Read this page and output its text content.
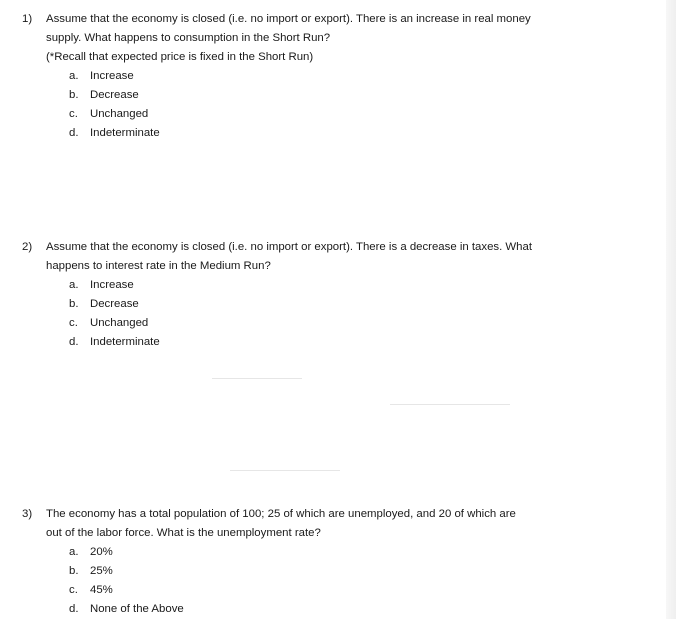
1) Assume that the economy is closed (i.e. no import or export). There is an increase in real money
supply. What happens to consumption in the Short Run?
(*Recall that expected price is fixed in the Short Run)
a. Increase
b. Decrease
c. Unchanged
d. Indeterminate
2) Assume that the economy is closed (i.e. no import or export). There is a decrease in taxes. What
happens to interest rate in the Medium Run?
a. Increase
b. Decrease
c. Unchanged
d. Indeterminate
3) The economy has a total population of 100; 25 of which are unemployed, and 20 of which are
out of the labor force. What is the unemployment rate?
a. 20%
b. 25%
c. 45%
d. None of the Above
